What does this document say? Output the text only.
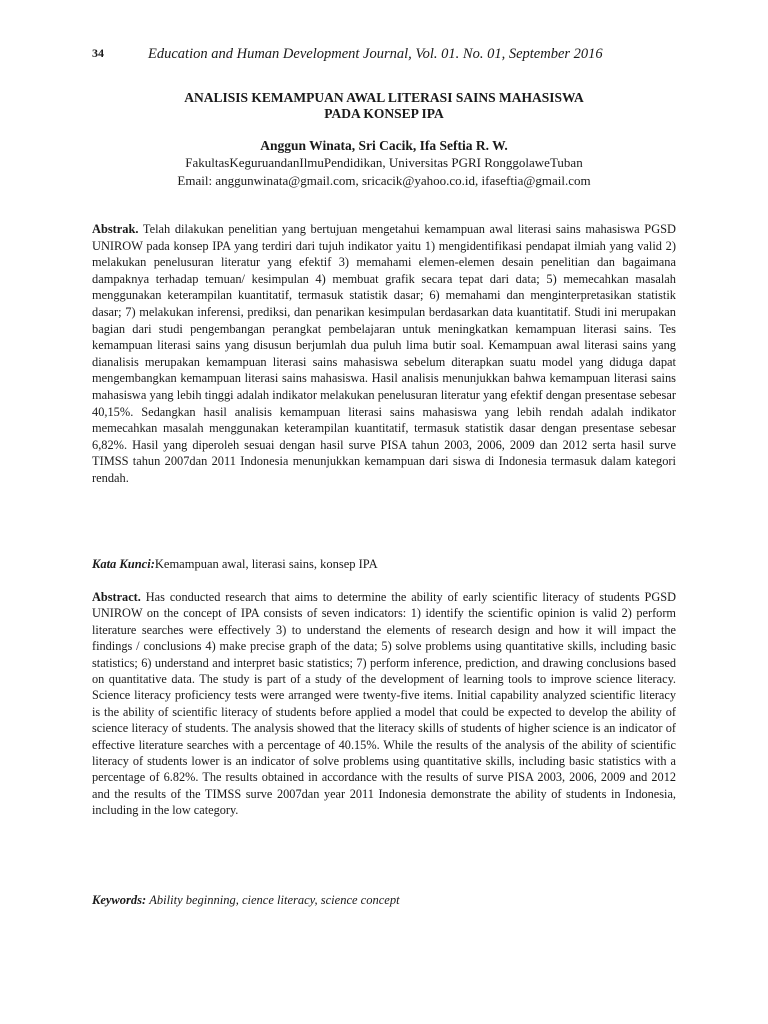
34	Education and Human Development Journal, Vol. 01. No. 01, September 2016
ANALISIS KEMAMPUAN AWAL LITERASI SAINS MAHASISWA
PADA KONSEP IPA
Anggun Winata, Sri Cacik, Ifa Seftia R. W.
FakultasKeguruandanIlmuPendidikan, Universitas PGRI RonggolaweTuban
Email: anggunwinata@gmail.com, sricacik@yahoo.co.id, ifaseftia@gmail.com
Abstrak. Telah dilakukan penelitian yang bertujuan mengetahui kemampuan awal literasi sains mahasiswa PGSD UNIROW pada konsep IPA yang terdiri dari tujuh indikator yaitu 1) mengidentifikasi pendapat ilmiah yang valid 2) melakukan penelusuran literatur yang efektif 3) memahami elemen-elemen desain penelitian dan bagaimana dampaknya terhadap temuan/ kesimpulan 4) membuat grafik secara tepat dari data; 5) memecahkan masalah menggunakan keterampilan kuantitatif, termasuk statistik dasar; 6) memahami dan menginterpretasikan statistik dasar; 7) melakukan inferensi, prediksi, dan penarikan kesimpulan berdasarkan data kuantitatif. Studi ini merupakan bagian dari studi pengembangan perangkat pembelajaran untuk meningkatkan kemampuan literasi sains. Tes kemampuan literasi sains yang disusun berjumlah dua puluh lima butir soal. Kemampuan awal literasi sains yang dianalisis merupakan kemampuan literasi sains mahasiswa sebelum diterapkan suatu model yang diduga dapat mengembangkan kemampuan literasi sains mahasiswa. Hasil analisis menunjukkan bahwa kemampuan literasi sains mahasiswa yang lebih tinggi adalah indikator melakukan penelusuran literatur yang efektif dengan presentase sebesar 40,15%. Sedangkan hasil analisis kemampuan literasi sains mahasiswa yang lebih rendah adalah indikator memecahkan masalah menggunakan keterampilan kuantitatif, termasuk statistik dasar dengan presentase sebesar 6,82%. Hasil yang diperoleh sesuai dengan hasil surve PISA tahun 2003, 2006, 2009 dan 2012 serta hasil surve TIMSS tahun 2007dan 2011 Indonesia menunjukkan kemampuan dari siswa di Indonesia termasuk dalam kategori rendah.
Kata Kunci:Kemampuan awal, literasi sains, konsep IPA
Abstract. Has conducted research that aims to determine the ability of early scientific literacy of students PGSD UNIROW on the concept of IPA consists of seven indicators: 1) identify the scientific opinion is valid 2) perform literature searches were effectively 3) to understand the elements of research design and how it will impact the findings / conclusions 4) make precise graph of the data; 5) solve problems using quantitative skills, including basic statistics; 6) understand and interpret basic statistics; 7) perform inference, prediction, and drawing conclusions based on quantitative data. The study is part of a study of the development of learning tools to improve science literacy. Science literacy proficiency tests were arranged were twenty-five items. Initial capability analyzed scientific literacy is the ability of scientific literacy of students before applied a model that could be expected to develop the ability of science literacy of students. The analysis showed that the literacy skills of students of higher science is an indicator of effective literature searches with a percentage of 40.15%. While the results of the analysis of the ability of scientific literacy of students lower is an indicator of solve problems using quantitative skills, including basic statistics with a percentage of 6.82%. The results obtained in accordance with the results of surve PISA 2003, 2006, 2009 and 2012 and the results of the TIMSS surve 2007dan year 2011 Indonesia demonstrate the ability of students in Indonesia, including in the low category.
Keywords: Ability beginning, cience literacy, science concept
